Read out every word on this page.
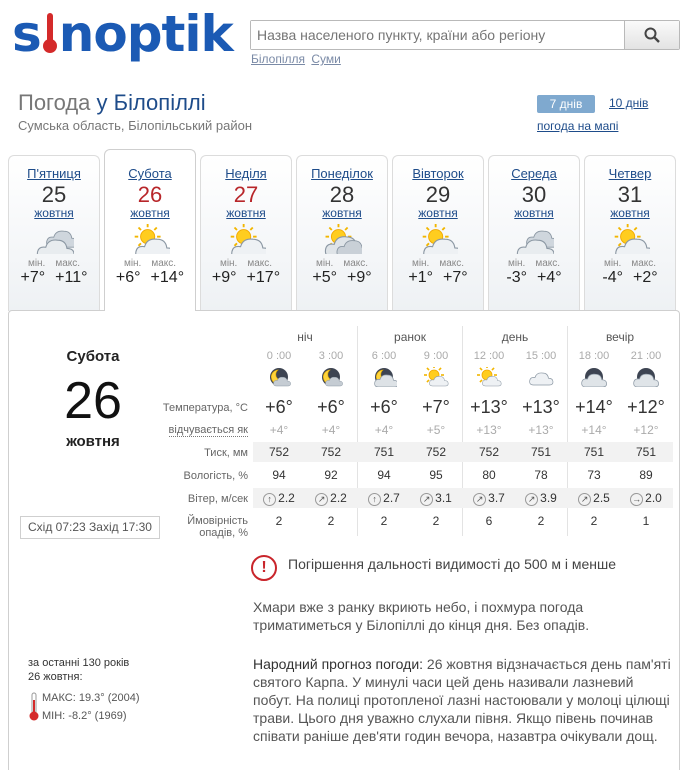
s noptik
Назва населеного пункту, країни або регіону Білопілля Суми
Погода у Білопіллі
Сумська область, Білопільський район
7 днів	10 днів
погода на мапі
П'ятниця
25
жовтня
мін. макс.
+7° +11°
Субота
26
жовтня
мін. макс.
+6° +14°
Неділя
27
жовтня
мін. макс.
+9° +17°
Понеділок
28
жовтня
мін. макс.
+5° +9°
Вівторок
29
жовтня
мін. макс.
+1° +7°
Середа
30
жовтня
мін. макс.
-3° +4°
Четвер
31
жовтня
мін. макс.
-4° +2°
Субота
26
жовтня
Схід 07:23 Захід 17:30
ніч	ранок	день	вечір
0 :00	3 :00	6 :00	9 :00	12 :00	15 :00	18 :00	21 :00
Температура, °С +6°	+6°	+6°	+7°	+13° +13° +14° +12°
відчувається як	+4°	+4°	+4°	+5°	+13°	+13°	+14°	+12°
Тиск, мм	752	752	751	752	752	751	751	751
Вологість, %	94	92	94	95	80	78	73	89
Вітер, м/сек	↑ 2.2	↗ 2.2	↑ 2.7	↗ 3.1	↗ 3.7	↗ 3.9	↗ 2.5	→ 2.0
Ймовірність
опадів, %
2	2	2	2	6	2	2	1
!	Погіршення дальності видимості до 500 м і менше
Хмари вже з ранку вкриють небо, і похмура погода триматиметься у Білопіллі до кінця дня. Без опадів.
Народний прогноз погоди: 26 жовтня відзначається день пам'яті святого Карпа. У минулі часи цей день називали лазневий побут. На полиці протопленої лазні настоювали у молоці цілющі трави. Цього дня уважно слухали півня. Якщо півень починав співати раніше дев'яти годин вечора, назавтра очікували дощ.
за останні 130 років
26 жовтня:
МАКС: 19.3° (2004)
МІН: -8.2° (1969)
